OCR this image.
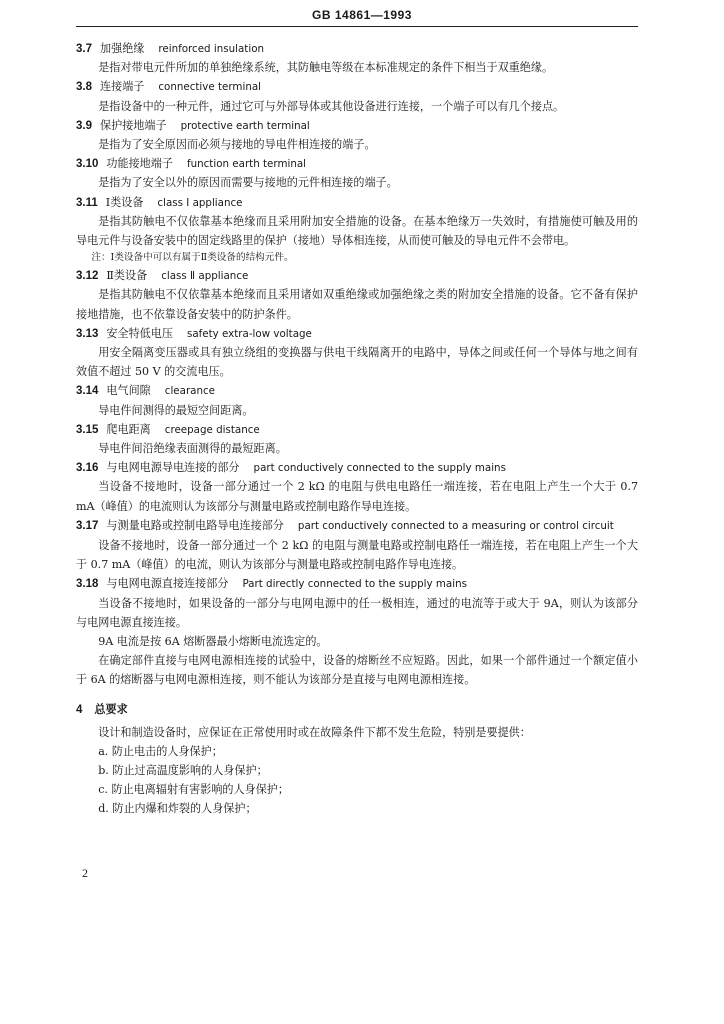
GB 14861—1993
3.7 加强绝缘 reinforced insulation
是指对带电元件所加的单独绝缘系统，其防触电等级在本标准规定的条件下相当于双重绝缘。
3.8 连接端子 connective terminal
是指设备中的一种元件，通过它可与外部导体或其他设备进行连接，一个端子可以有几个接点。
3.9 保护接地端子 protective earth terminal
是指为了安全原因而必须与接地的导电件相连接的端子。
3.10 功能接地端子 function earth terminal
是指为了安全以外的原因而需要与接地的元件相连接的端子。
3.11 Ⅰ类设备 class Ⅰ appliance
是指其防触电不仅依靠基本绝缘而且采用附加安全措施的设备。在基本绝缘万一失效时，有措施使可触及用的导电元件与设备安装中的固定线路里的保护（接地）导体相连接，从而使可触及的导电元件不会带电。
注：Ⅰ类设备中可以有属于Ⅱ类设备的结构元件。
3.12 Ⅱ类设备 class Ⅱ appliance
是指其防触电不仅依靠基本绝缘而且采用诸如双重绝缘或加强绝缘之类的附加安全措施的设备。它不备有保护接地措施，也不依靠设备安装中的防护条件。
3.13 安全特低电压 safety extra-low voltage
用安全隔离变压器或具有独立绕组的变换器与供电干线隔离开的电路中，导体之间或任何一个导体与地之间有效值不超过 50 V 的交流电压。
3.14 电气间隙 clearance
导电件间测得的最短空间距离。
3.15 爬电距离 creepage distance
导电件间沿绝缘表面测得的最短距离。
3.16 与电网电源导电连接的部分 part conductively connected to the supply mains
当设备不接地时，设备一部分通过一个 2 kΩ 的电阻与供电电路任一端连接，若在电阻上产生一个大于 0.7 mA（峰值）的电流则认为该部分与测量电路或控制电路作导电连接。
3.17 与测量电路或控制电路导电连接部分 part conductively connected to a measuring or control circuit
设备不接地时，设备一部分通过一个 2 kΩ 的电阻与测量电路或控制电路任一端连接，若在电阻上产生一个大于 0.7 mA（峰值）的电流，则认为该部分与测量电路或控制电路作导电连接。
3.18 与电网电源直接连接部分 Part directly connected to the supply mains
当设备不接地时，如果设备的一部分与电网电源中的任一极相连，通过的电流等于或大于 9A，则认为该部分与电网电源直接连接。
9A 电流是按 6A 熔断器最小熔断电流选定的。
在确定部件直接与电网电源相连接的试验中，设备的熔断丝不应短路。因此，如果一个部件通过一个额定值小于 6A 的熔断器与电网电源相连接，则不能认为该部分是直接与电网电源相连接。
4 总要求
设计和制造设备时，应保证在正常使用时或在故障条件下都不发生危险，特别是要提供：
a. 防止电击的人身保护；
b. 防止过高温度影响的人身保护；
c. 防止电离辐射有害影响的人身保护；
d. 防止内爆和炸裂的人身保护；
2
